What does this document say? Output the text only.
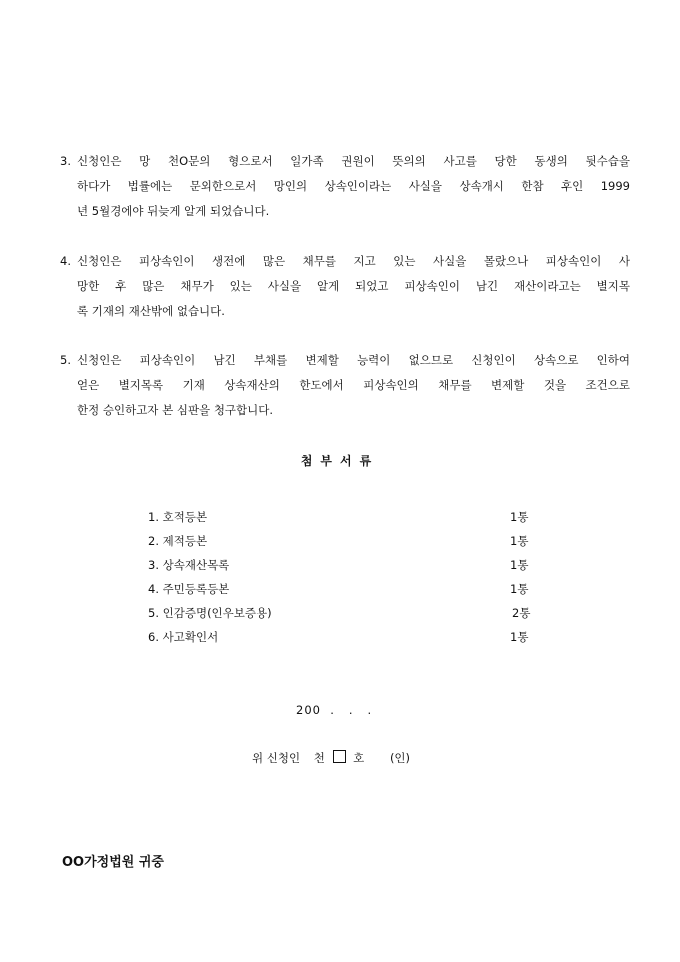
3. 신청인은 망 천O문의 형으로서 일가족 권원이 뜻의의 사고를 당한 동생의 뒷수습을
하다가 법률에는 문외한으로서 망인의 상속인이라는 사실을 상속개시 한참 후인 1999
년 5월경에야 뒤늦게 알게 되었습니다.
4. 신청인은 피상속인이 생전에 많은 채무를 지고 있는 사실을 몰랐으나 피상속인이 사
망한 후 많은 채무가 있는 사실을 알게 되었고 피상속인이 남긴 재산이라고는 별지목
록 기재의 재산밖에 없습니다.
5. 신청인은 피상속인이 남긴 부채를 변제할 능력이 없으므로 신청인이 상속으로 인하여
얻은 별지목록 기재 상속재산의 한도에서 피상속인의 채무를 변제할 것을 조건으로
한정 승인하고자 본 심판을 청구합니다.
첨부서류
1. 호적등본	1통
2. 제적등본	1통
3. 상속재산목록	1통
4. 주민등록등본	1통
5. 인감증명(인우보증용)	2통
6. 사고확인서	1통
200  .   .   .
위 신청인 천 호 (인)
OO가정법원 귀중
